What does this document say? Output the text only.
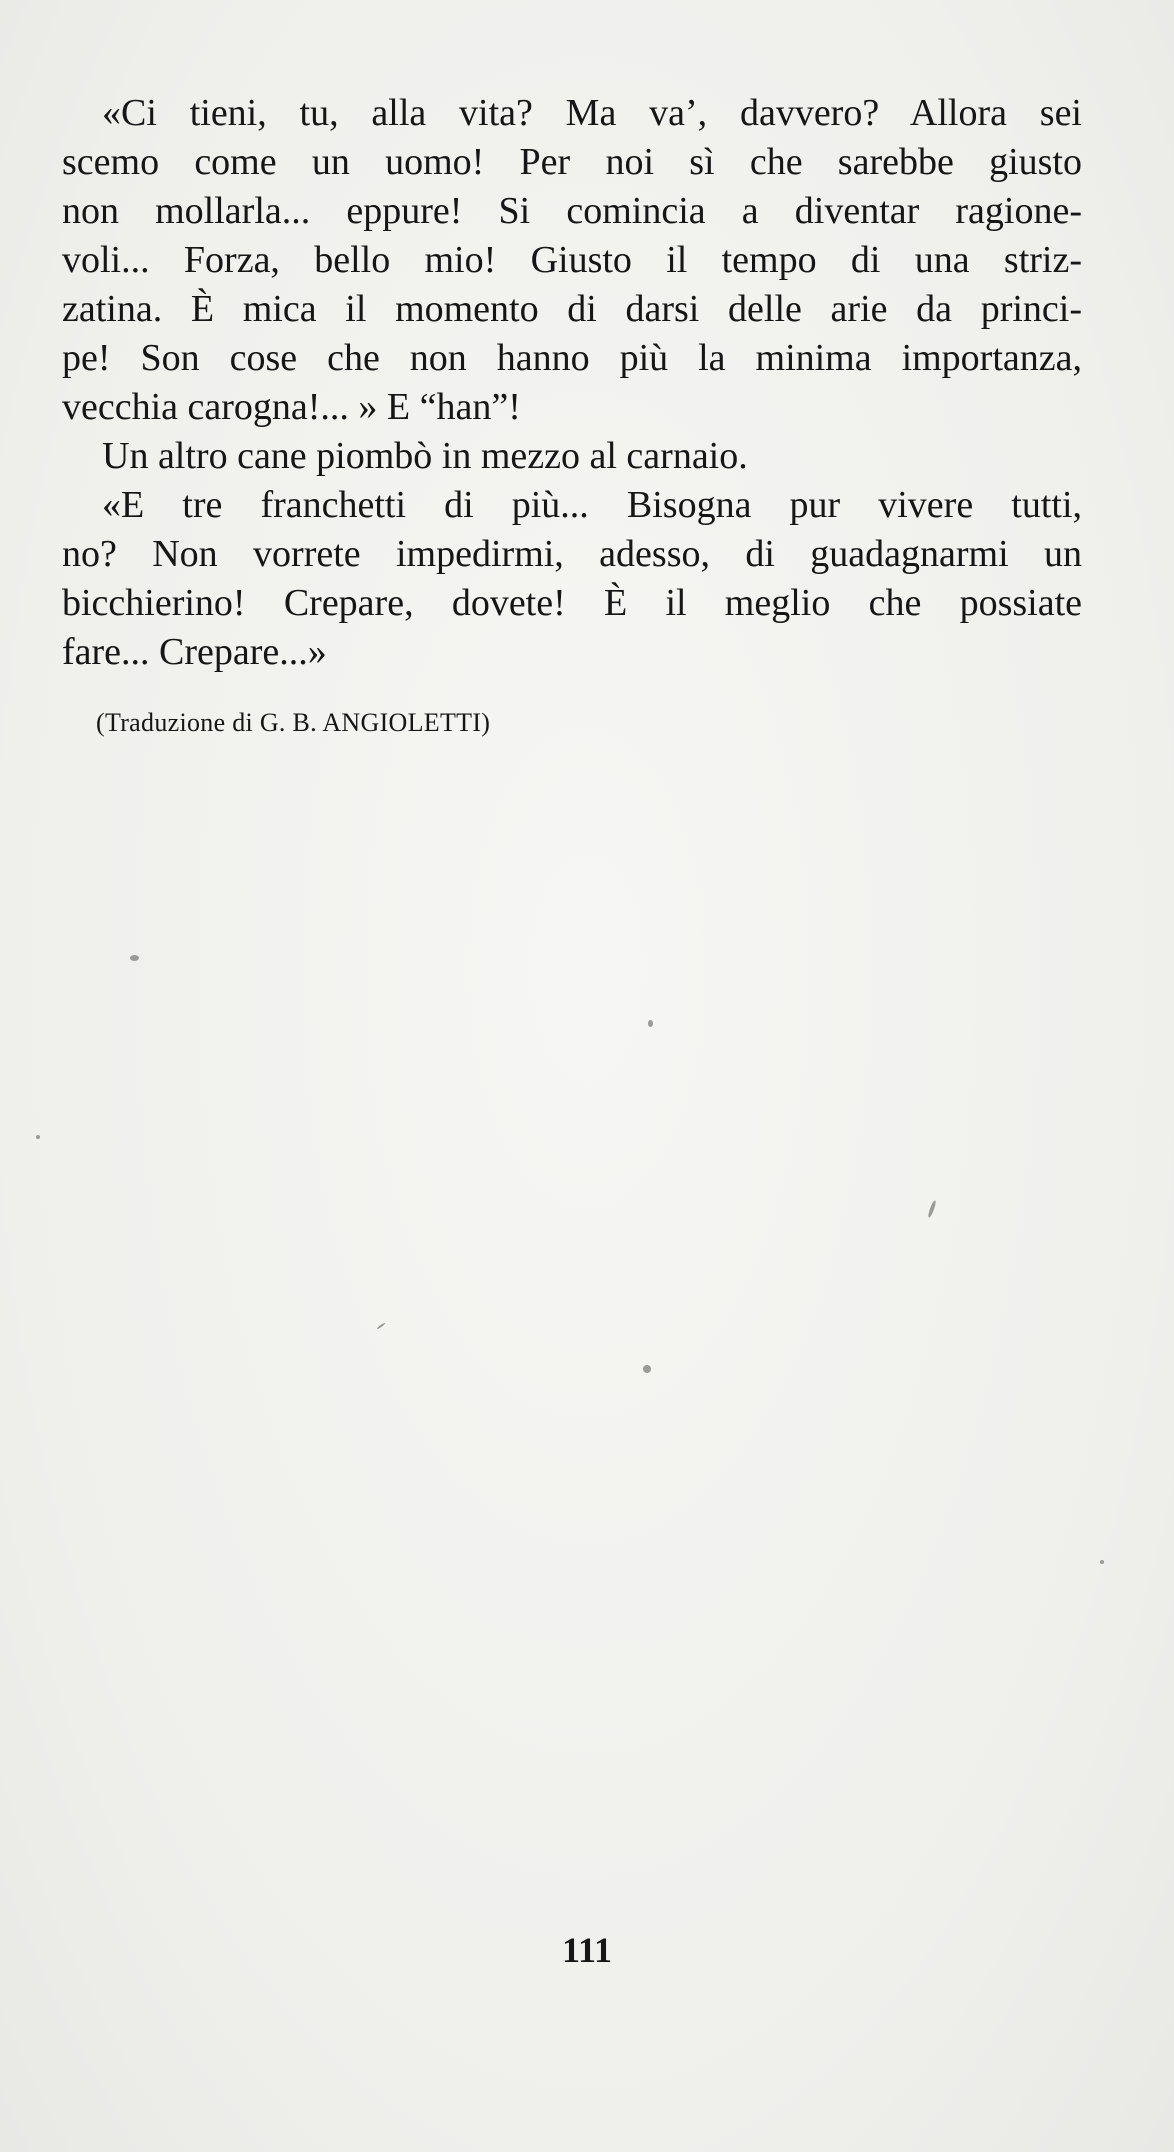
«Ci tieni, tu, alla vita? Ma va’, davvero? Allora sei
scemo come un uomo! Per noi sì che sarebbe giusto
non mollarla... eppure! Si comincia a diventar ragione-
voli... Forza, bello mio! Giusto il tempo di una striz-
zatina. È mica il momento di darsi delle arie da princi-
pe! Son cose che non hanno più la minima importanza,
vecchia carogna!... » E “han”!
Un altro cane piombò in mezzo al carnaio.
«E tre franchetti di più... Bisogna pur vivere tutti,
no? Non vorrete impedirmi, adesso, di guadagnarmi un
bicchierino! Crepare, dovete! È il meglio che possiate
fare... Crepare...»
(Traduzione di G. B. ANGIOLETTI)
111
